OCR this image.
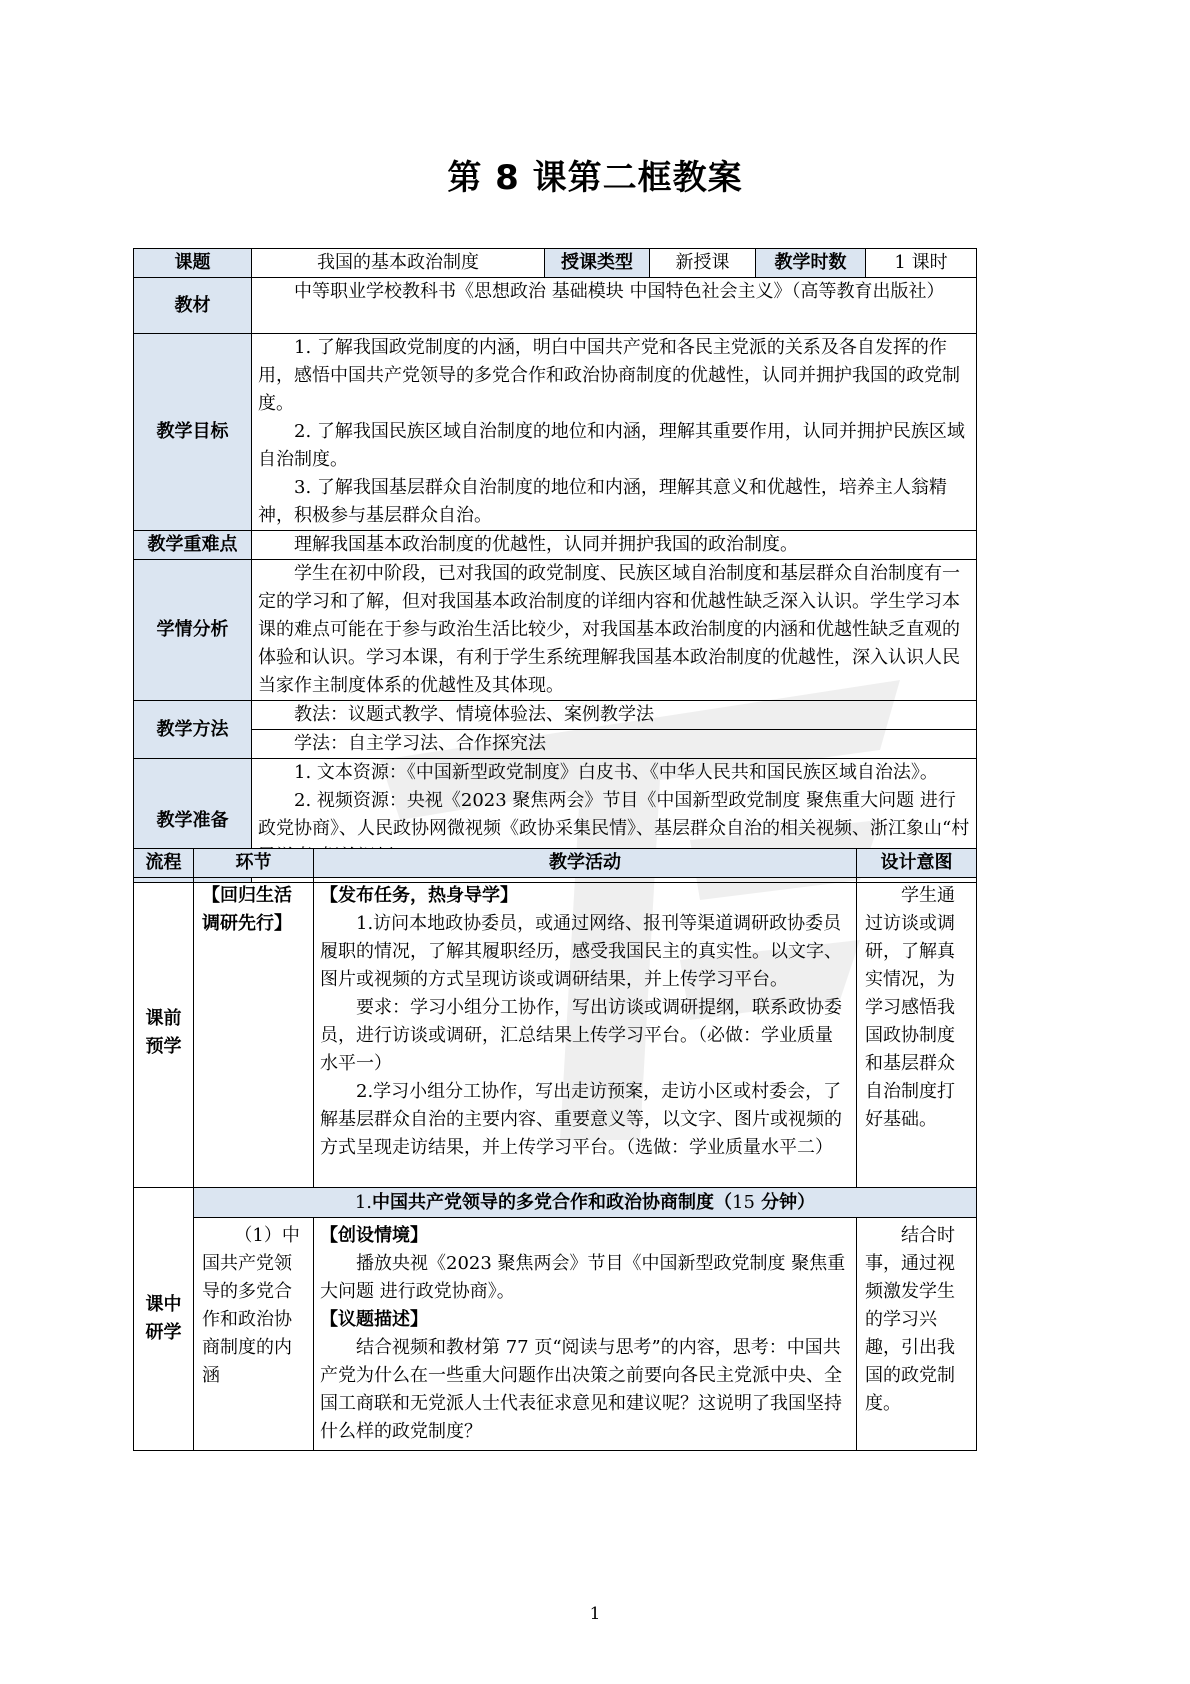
第 8 课第二框教案
课题	我国的基本政治制度	授课类型	新授课	教学时数	1 课时
教材	中等职业学校教科书《思想政治 基础模块 中国特色社会主义》（高等教育出版社）				

教学目标	1. 了解我国政党制度的内涵，明白中国共产党和各民主党派的关系及各自发挥的作用，感悟中国共产党领导的多党合作和政治协商制度的优越性，认同并拥护我国的政党制度。

2. 了解我国民族区域自治制度的地位和内涵，理解其重要作用，认同并拥护民族区域自治制度。

3. 了解我国基层群众自治制度的地位和内涵，理解其意义和优越性，培养主人翁精神，积极参与基层群众自治。				

教学重难点	理解我国基本政治制度的优越性，认同并拥护我国的政治制度。				

学情分析	学生在初中阶段，已对我国的政党制度、民族区域自治制度和基层群众自治制度有一定的学习和了解，但对我国基本政治制度的详细内容和优越性缺乏深入认识。学生学习本课的难点可能在于参与政治生活比较少，对我国基本政治制度的内涵和优越性缺乏直观的体验和认识。学习本课，有利于学生系统理解我国基本政治制度的优越性，深入认识人民当家作主制度体系的优越性及其体现。				

教学方法	教法：议题式教学、情境体验法、案例教学法				

	学法：自主学习法、合作探究法				

教学准备	1. 文本资源：《中国新型政党制度》白皮书、《中华人民共和国民族区域自治法》。

2. 视频资源：央视《2023 聚焦两会》节目《中国新型政党制度 聚焦重大问题 进行政党协商》、人民政协网微视频《政协采集民情》、基层群众自治的相关视频、浙江象山“村				

流程	环节	教学活动	设计意图
课前预学	【回归生活调研先行】	【发布任务，热身导学】

1.访问本地政协委员，或通过网络、报刊等渠道调研政协委员履职的情况，了解其履职经历，感受我国民主的真实性。以文字、图片或视频的方式呈现访谈或调研结果，并上传学习平台。

要求：学习小组分工协作，写出访谈或调研提纲，联系政协委员，进行访谈或调研，汇总结果上传学习平台。（必做：学业质量水平一）

2.学习小组分工协作，写出走访预案，走访小区或村委会，了解基层群众自治的主要内容、重要意义等，以文字、图片或视频的方式呈现走访结果，并上传学习平台。（选做：学业质量水平二）	学生通过访谈或调研，了解真实情况，为学习感悟我国政协制度和基层群众自治制度打好基础。

课中研学	1.中国共产党领导的多党合作和政治协商制度（15 分钟）		

	（1）中国共产党领导的多党合作和政治协商制度的内涵	【创设情境】

播放央视《2023 聚焦两会》节目《中国新型政党制度 聚焦重大问题 进行政党协商》。

【议题描述】

结合视频和教材第 77 页“阅读与思考”的内容，思考：中国共产党为什么在一些重大问题作出决策之前要向各民主党派中央、全国工商联和无党派人士代表征求意见和建议呢？这说明了我国坚持什么样的政党制度？	结合时事，通过视频激发学生的学习兴趣，引出我国的政党制度。

1
